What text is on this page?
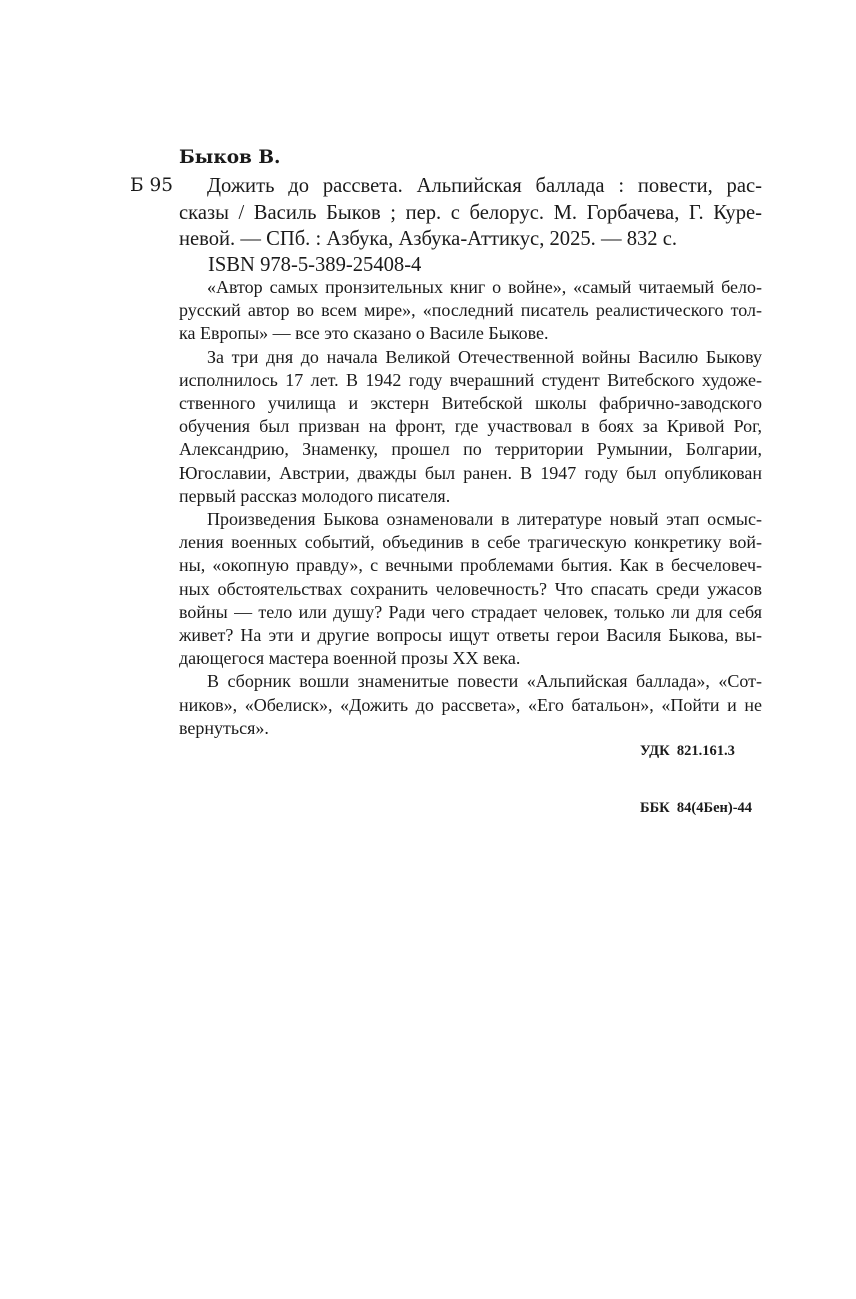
Быков В.
Б 95	Дожить до рассвета. Альпийская баллада : повести, рас-
сказы / Василь Быков ; пер. с белорус. М. Горбачева, Г. Куре-
невой. — СПб. : Азбука, Азбука-Аттикус, 2025. — 832 с.
ISBN 978-5-389-25408-4
«Автор самых пронзительных книг о войне», «самый читаемый бело-
русский автор во всем мире», «последний писатель реалистического тол-
ка Европы» — все это сказано о Василе Быкове.
За три дня до начала Великой Отечественной войны Василю Быкову
исполнилось 17 лет. В 1942 году вчерашний студент Витебского художе-
ственного училища и экстерн Витебской школы фабрично-заводского
обучения был призван на фронт, где участвовал в боях за Кривой Рог,
Александрию, Знаменку, прошел по территории Румынии, Болгарии,
Югославии, Австрии, дважды был ранен. В 1947 году был опубликован
первый рассказ молодого писателя.
Произведения Быкова ознаменовали в литературе новый этап осмыс-
ления военных событий, объединив в себе трагическую конкретику вой-
ны, «окопную правду», с вечными проблемами бытия. Как в бесчеловеч-
ных обстоятельствах сохранить человечность? Что спасать среди ужасов
войны — тело или душу? Ради чего страдает человек, только ли для себя
живет? На эти и другие вопросы ищут ответы герои Василя Быкова, вы-
дающегося мастера военной прозы XX века.
В сборник вошли знаменитые повести «Альпийская баллада», «Сот-
ников», «Обелиск», «Дожить до рассвета», «Его батальон», «Пойти и не
вернуться».

УДК  821.161.3

ББК  84(4Бен)-44
